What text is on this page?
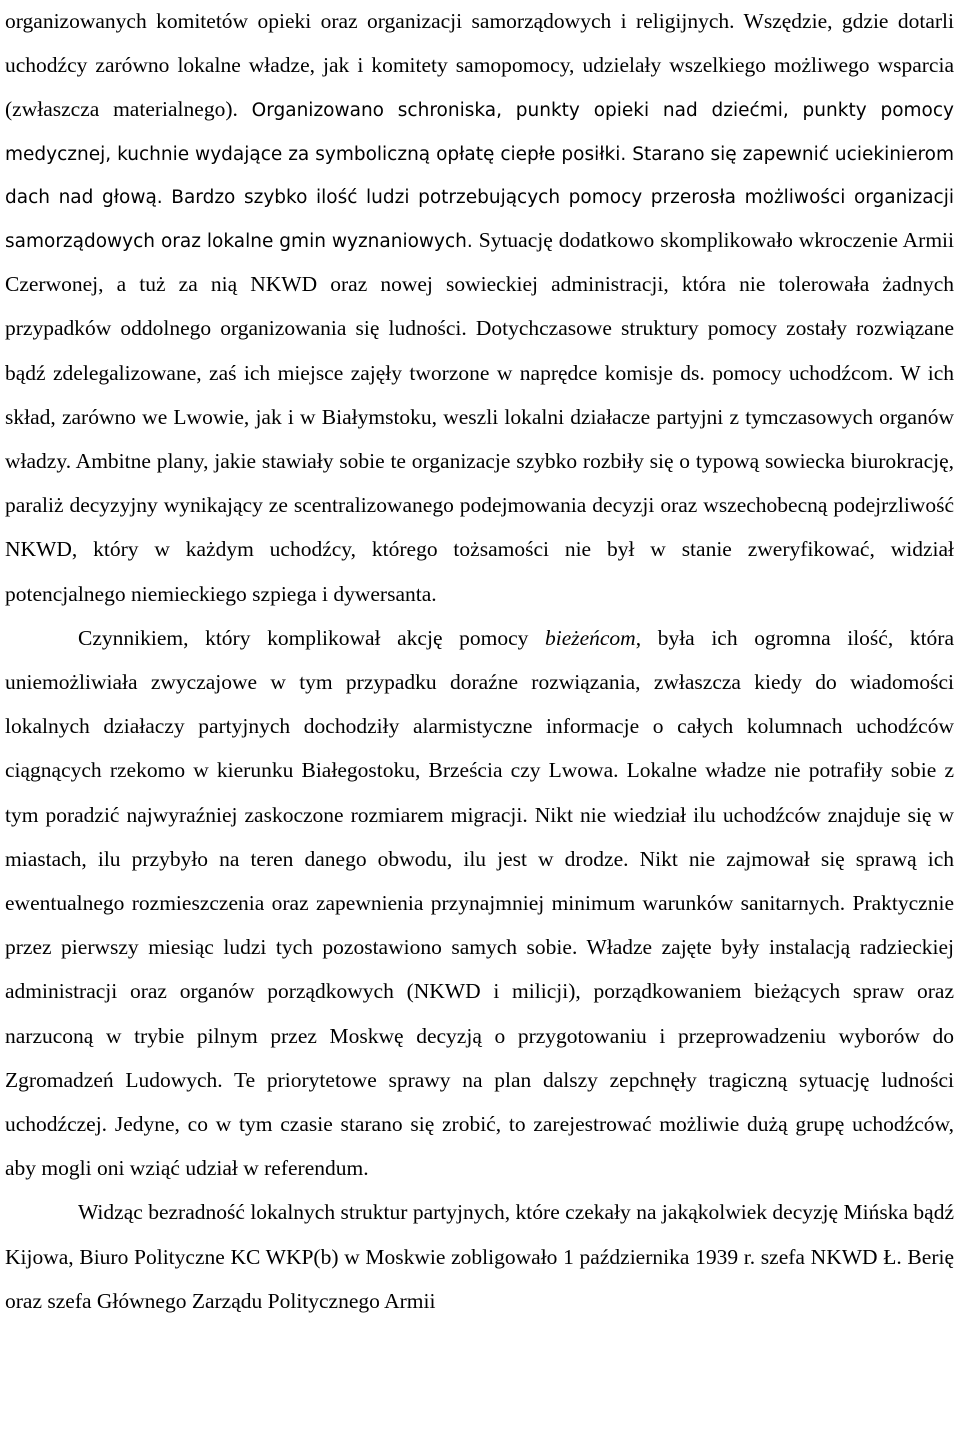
organizowanych komitetów opieki oraz organizacji samorządowych i religijnych. Wszędzie, gdzie dotarli uchodźcy zarówno lokalne władze, jak i komitety samopomocy, udzielały wszelkiego możliwego wsparcia (zwłaszcza materialnego). Organizowano schroniska, punkty opieki nad dziećmi, punkty pomocy medycznej, kuchnie wydające za symboliczną opłatę ciepłe posiłki. Starano się zapewnić uciekinierom dach nad głową. Bardzo szybko ilość ludzi potrzebujących pomocy przerosła możliwości organizacji samorządowych oraz lokalne gmin wyznaniowych. Sytuację dodatkowo skomplikowało wkroczenie Armii Czerwonej, a tuż za nią NKWD oraz nowej sowieckiej administracji, która nie tolerowała żadnych przypadków oddolnego organizowania się ludności. Dotychczasowe struktury pomocy zostały rozwiązane bądź zdelegalizowane, zaś ich miejsce zajęły tworzone w naprędce komisje ds. pomocy uchodźcom. W ich skład, zarówno we Lwowie, jak i w Białymstoku, weszli lokalni działacze partyjni z tymczasowych organów władzy. Ambitne plany, jakie stawiały sobie te organizacje szybko rozbiły się o typową sowiecka biurokrację, paraliż decyzyjny wynikający ze scentralizowanego podejmowania decyzji oraz wszechobecną podejrzliwość NKWD, który w każdym uchodźcy, którego tożsamości nie był w stanie zweryfikować, widział potencjalnego niemieckiego szpiega i dywersanta.

Czynnikiem, który komplikował akcję pomocy bieżeńcom, była ich ogromna ilość, która uniemożliwiała zwyczajowe w tym przypadku doraźne rozwiązania, zwłaszcza kiedy do wiadomości lokalnych działaczy partyjnych dochodziły alarmistyczne informacje o całych kolumnach uchodźców ciągnących rzekomo w kierunku Białegostoku, Brześcia czy Lwowa. Lokalne władze nie potrafiły sobie z tym poradzić najwyraźniej zaskoczone rozmiarem migracji. Nikt nie wiedział ilu uchodźców znajduje się w miastach, ilu przybyło na teren danego obwodu, ilu jest w drodze. Nikt nie zajmował się sprawą ich ewentualnego rozmieszczenia oraz zapewnienia przynajmniej minimum warunków sanitarnych. Praktycznie przez pierwszy miesiąc ludzi tych pozostawiono samych sobie. Władze zajęte były instalacją radzieckiej administracji oraz organów porządkowych (NKWD i milicji), porządkowaniem bieżących spraw oraz narzuconą w trybie pilnym przez Moskwę decyzją o przygotowaniu i przeprowadzeniu wyborów do Zgromadzeń Ludowych. Te priorytetowe sprawy na plan dalszy zepchnęły tragiczną sytuację ludności uchodźczej. Jedyne, co w tym czasie starano się zrobić, to zarejestrować możliwie dużą grupę uchodźców, aby mogli oni wziąć udział w referendum.

Widząc bezradność lokalnych struktur partyjnych, które czekały na jakąkolwiek decyzję Mińska bądź Kijowa, Biuro Polityczne KC WKP(b) w Moskwie zobligowało 1 października 1939 r. szefa NKWD Ł. Berię oraz szefa Głównego Zarządu Politycznego Armii
